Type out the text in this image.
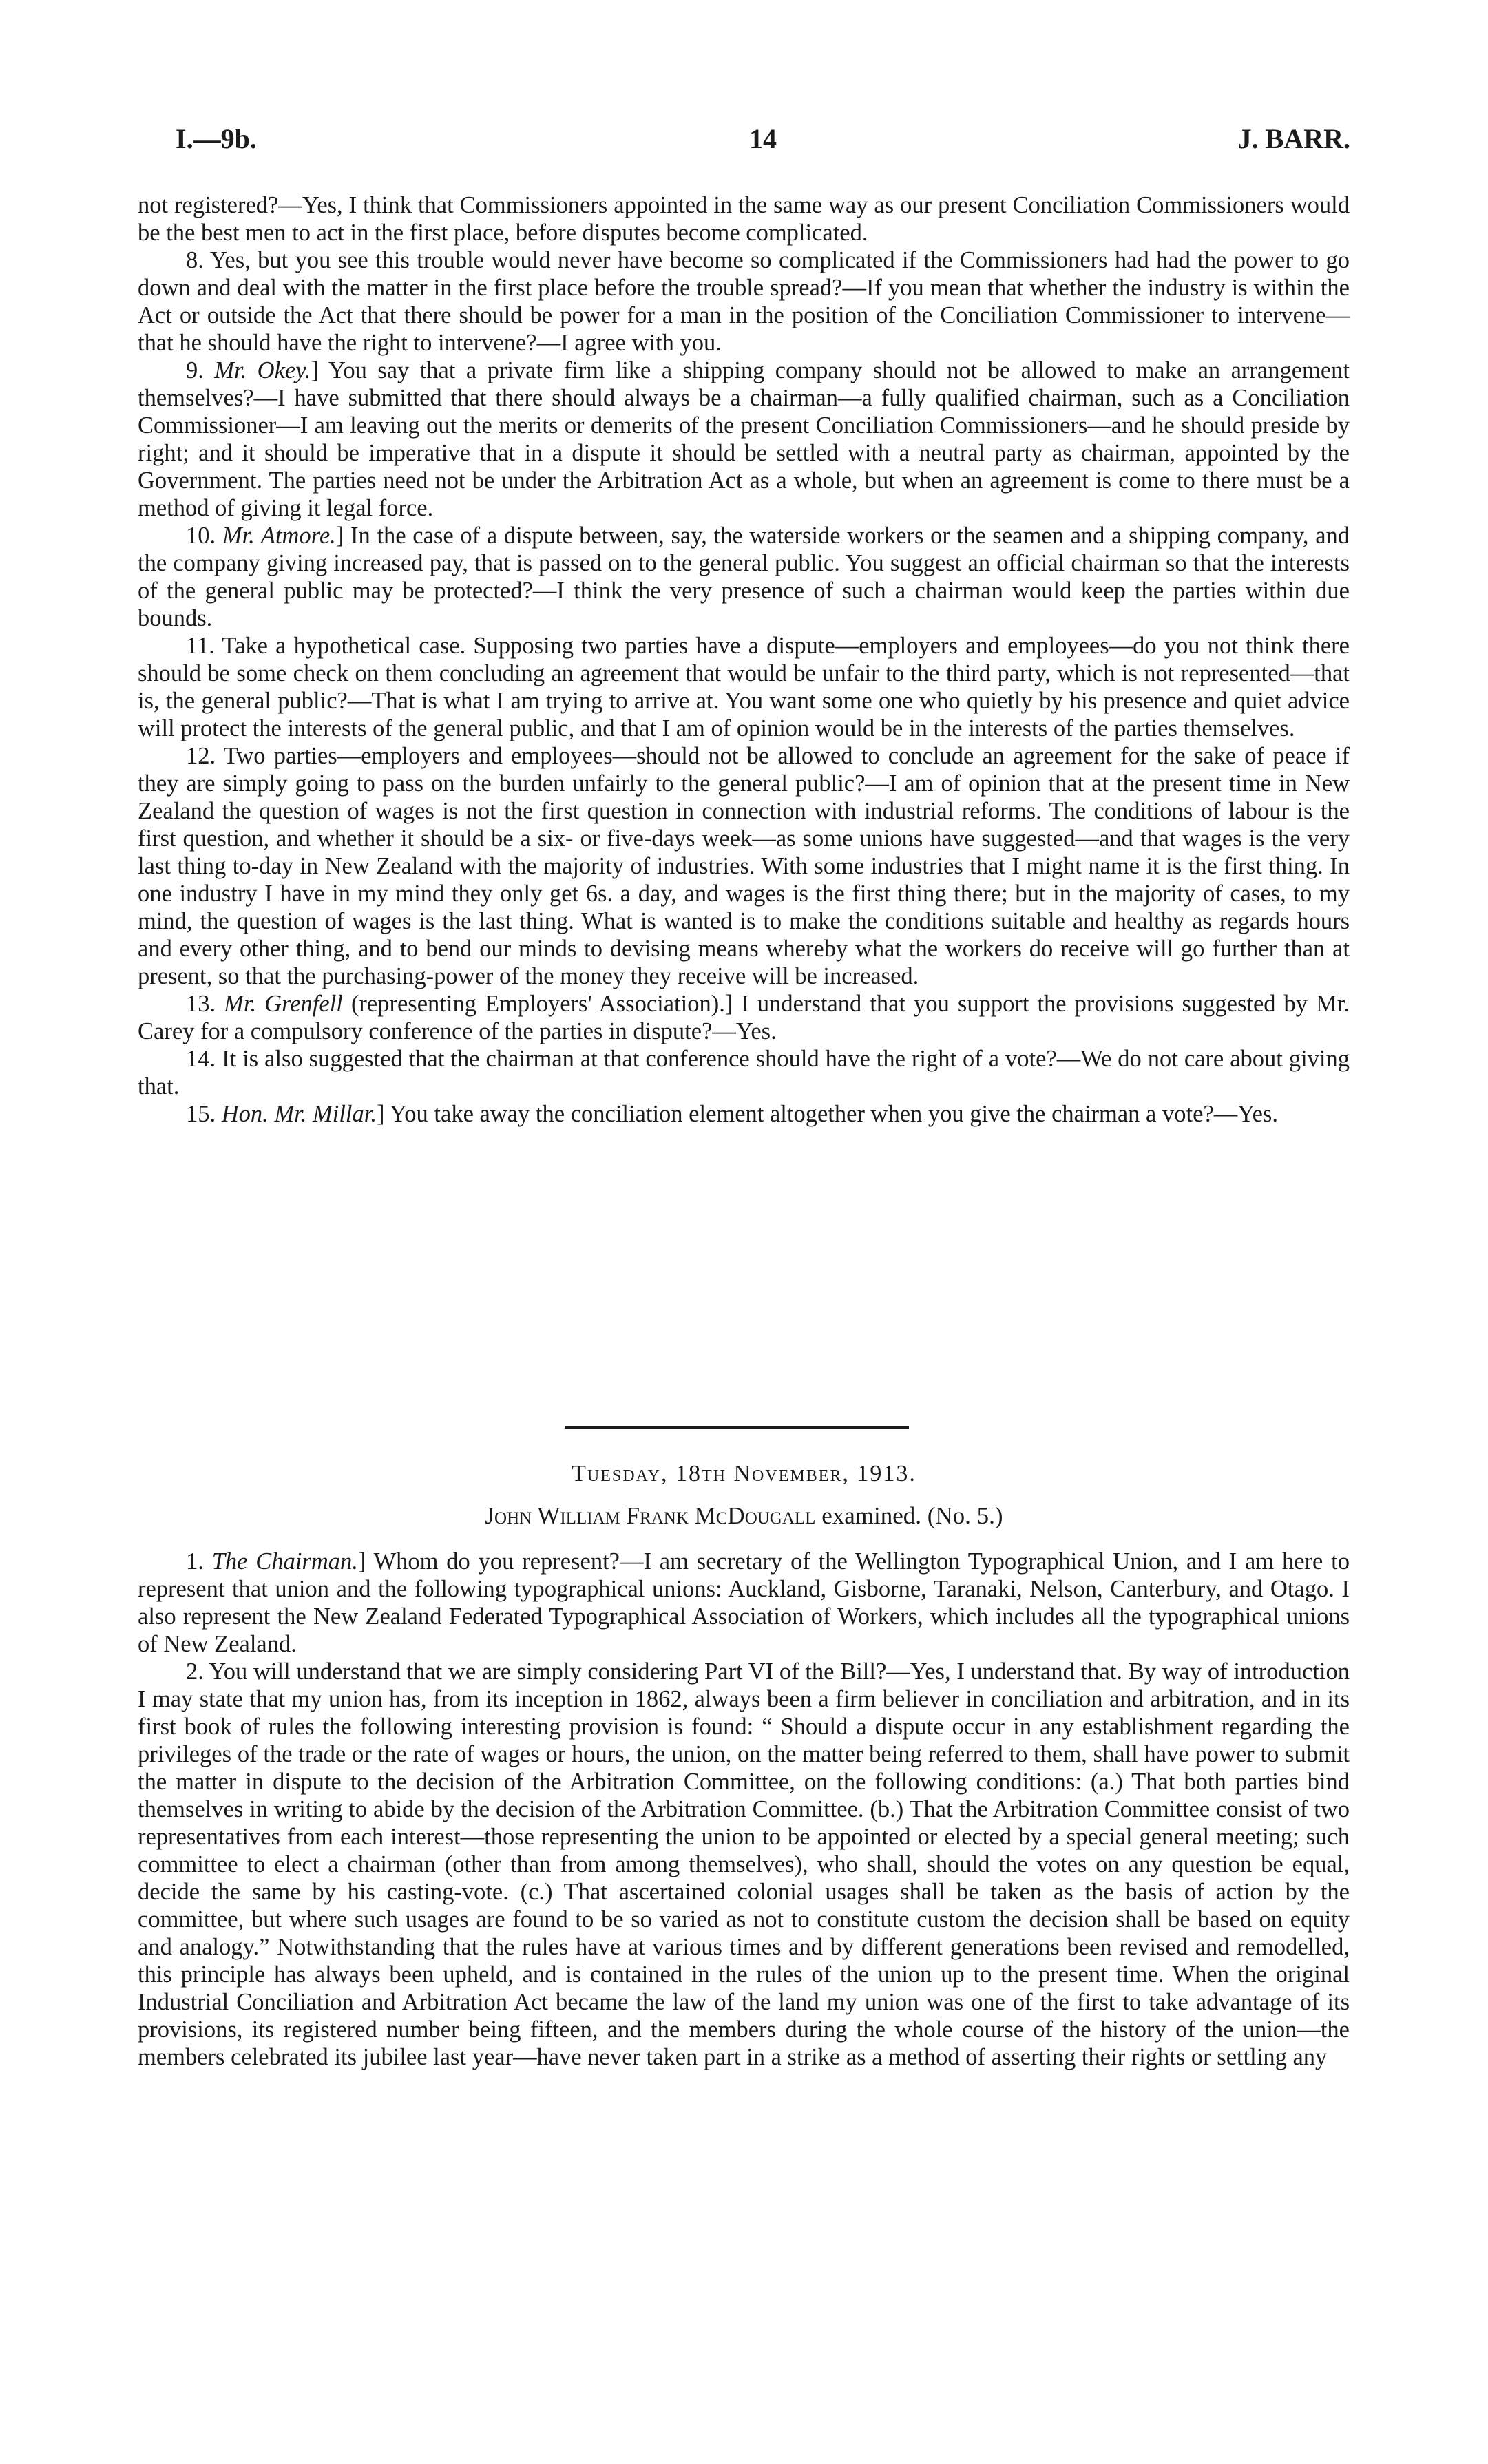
I.—9b.	14	J. BARR.

not registered?—Yes, I think that Commissioners appointed in the same way as our present Conciliation Commissioners would be the best men to act in the first place, before disputes become complicated.

8. Yes, but you see this trouble would never have become so complicated if the Commissioners had had the power to go down and deal with the matter in the first place before the trouble spread?—If you mean that whether the industry is within the Act or outside the Act that there should be power for a man in the position of the Conciliation Commissioner to intervene—that he should have the right to intervene?—I agree with you.

9. Mr. Okey.] You say that a private firm like a shipping company should not be allowed to make an arrangement themselves?—I have submitted that there should always be a chairman—a fully qualified chairman, such as a Conciliation Commissioner—I am leaving out the merits or demerits of the present Conciliation Commissioners—and he should preside by right; and it should be imperative that in a dispute it should be settled with a neutral party as chairman, appointed by the Government. The parties need not be under the Arbitration Act as a whole, but when an agreement is come to there must be a method of giving it legal force.

10. Mr. Atmore.] In the case of a dispute between, say, the waterside workers or the seamen and a shipping company, and the company giving increased pay, that is passed on to the general public. You suggest an official chairman so that the interests of the general public may be protected?—I think the very presence of such a chairman would keep the parties within due bounds.

11. Take a hypothetical case. Supposing two parties have a dispute—employers and employees—do you not think there should be some check on them concluding an agreement that would be unfair to the third party, which is not represented—that is, the general public?—That is what I am trying to arrive at. You want some one who quietly by his presence and quiet advice will protect the interests of the general public, and that I am of opinion would be in the interests of the parties themselves.

12. Two parties—employers and employees—should not be allowed to conclude an agreement for the sake of peace if they are simply going to pass on the burden unfairly to the general public?—I am of opinion that at the present time in New Zealand the question of wages is not the first question in connection with industrial reforms. The conditions of labour is the first question, and whether it should be a six- or five-days week—as some unions have suggested—and that wages is the very last thing to-day in New Zealand with the majority of industries. With some industries that I might name it is the first thing. In one industry I have in my mind they only get 6s. a day, and wages is the first thing there; but in the majority of cases, to my mind, the question of wages is the last thing. What is wanted is to make the conditions suitable and healthy as regards hours and every other thing, and to bend our minds to devising means whereby what the workers do receive will go further than at present, so that the purchasing-power of the money they receive will be increased.

13. Mr. Grenfell (representing Employers' Association).] I understand that you support the provisions suggested by Mr. Carey for a compulsory conference of the parties in dispute?—Yes.

14. It is also suggested that the chairman at that conference should have the right of a vote?—We do not care about giving that.

15. Hon. Mr. Millar.] You take away the conciliation element altogether when you give the chairman a vote?—Yes.

Tuesday, 18th November, 1913.
John William Frank McDougall examined. (No. 5.)

1. The Chairman.] Whom do you represent?—I am secretary of the Wellington Typographical Union, and I am here to represent that union and the following typographical unions: Auckland, Gisborne, Taranaki, Nelson, Canterbury, and Otago. I also represent the New Zealand Federated Typographical Association of Workers, which includes all the typographical unions of New Zealand.

2. You will understand that we are simply considering Part VI of the Bill?—Yes, I understand that. By way of introduction I may state that my union has, from its inception in 1862, always been a firm believer in conciliation and arbitration, and in its first book of rules the following interesting provision is found: “ Should a dispute occur in any establishment regarding the privileges of the trade or the rate of wages or hours, the union, on the matter being referred to them, shall have power to submit the matter in dispute to the decision of the Arbitration Committee, on the following conditions: (a.) That both parties bind themselves in writing to abide by the decision of the Arbitration Committee. (b.) That the Arbitration Committee consist of two representatives from each interest—those representing the union to be appointed or elected by a special general meeting; such committee to elect a chairman (other than from among themselves), who shall, should the votes on any question be equal, decide the same by his casting-vote. (c.) That ascertained colonial usages shall be taken as the basis of action by the committee, but where such usages are found to be so varied as not to constitute custom the decision shall be based on equity and analogy.” Notwithstanding that the rules have at various times and by different generations been revised and remodelled, this principle has always been upheld, and is contained in the rules of the union up to the present time. When the original Industrial Conciliation and Arbitration Act became the law of the land my union was one of the first to take advantage of its provisions, its registered number being fifteen, and the members during the whole course of the history of the union—the members celebrated its jubilee last year—have never taken part in a strike as a method of asserting their rights or settling any
